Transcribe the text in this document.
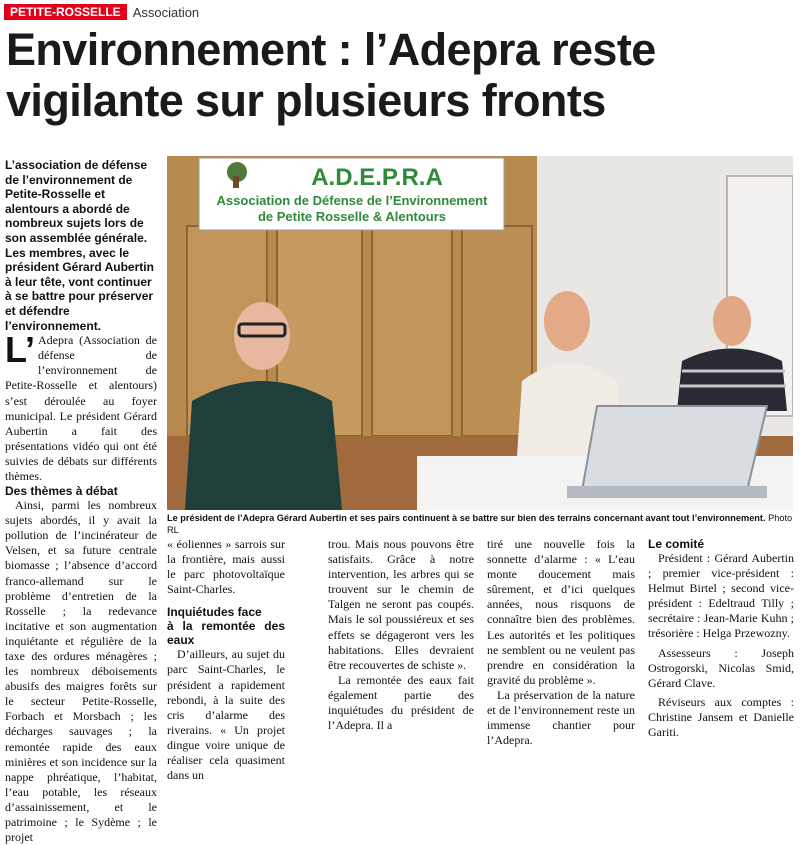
PETITE-ROSSELLE Association
Environnement : l’Adepra reste vigilante sur plusieurs fronts

L’association de défense de l’environnement de Petite-Rosselle et alentours a abordé de nombreux sujets lors de son assemblée générale. Les membres, avec le président Gérard Aubertin à leur tête, vont continuer à se battre pour préserver et défendre l’environnement.

L’ Adepra (Association de défense de l’environnement de Petite-Rosselle et alentours) s’est déroulée au foyer municipal. Le président Gérard Aubertin a fait des présentations vidéo qui ont été suivies de débats sur différents thèmes.

Des thèmes à débat

Ainsi, parmi les nombreux sujets abordés, il y avait la pollution de l’incinérateur de Velsen, et sa future centrale biomasse ; l’absence d’accord franco-allemand sur le problème d’entretien de la Rosselle ; la redevance incitative et son augmentation inquiétante et régulière de la taxe des ordures ménagères ; les nombreux déboisements abusifs des maigres forêts sur le secteur Petite-Rosselle, Forbach et Morsbach ; les décharges sauvages ; la remontée rapide des eaux minières et son incidence sur la nappe phréatique, l’habitat, l’eau potable, les réseaux d’assainissement, et le patrimoine ; le Sydème ; le projet

A.D.E.P.R.A
Association de Défense de l’Environnement
de Petite Rosselle & Alentours
Le président de l’Adepra Gérard Aubertin et ses pairs continuent à se battre sur bien des terrains concernant avant tout l’environnement. Photo RL

« éoliennes » sarrois sur la frontière, mais aussi le parc photovoltaïque Saint-Charles.

Inquiétudes face
à la remontée des eaux

D’ailleurs, au sujet du parc Saint-Charles, le président a rapidement rebondi, à la suite des cris d’alarme des riverains. « Un projet dingue voire unique de réaliser cela quasiment dans un

trou. Mais nous pouvons être satisfaits. Grâce à notre intervention, les arbres qui se trouvent sur le chemin de Talgen ne seront pas coupés. Mais le sol poussiéreux et ses effets se dégageront vers les habitations. Elles devraient être recouvertes de schiste ».

La remontée des eaux fait également partie des inquiétudes du président de l’Adepra. Il a

tiré une nouvelle fois la sonnette d’alarme : « L’eau monte doucement mais sûrement, et d’ici quelques années, nous risquons de connaître bien des problèmes. Les autorités et les politiques ne semblent ou ne veulent pas prendre en considération la gravité du problème ».

La préservation de la nature et de l’environnement reste un immense chantier pour l’Adepra.

Le comité

Président : Gérard Aubertin ; premier vice-président : Helmut Birtel ; second vice-président : Edeltraud Tilly ; secrétaire : Jean-Marie Kuhn ; trésorière : Helga Przewozny.

Assesseurs : Joseph Ostrogorski, Nicolas Smid, Gérard Clave.

Réviseurs aux comptes : Christine Jansem et Danielle Gariti.
